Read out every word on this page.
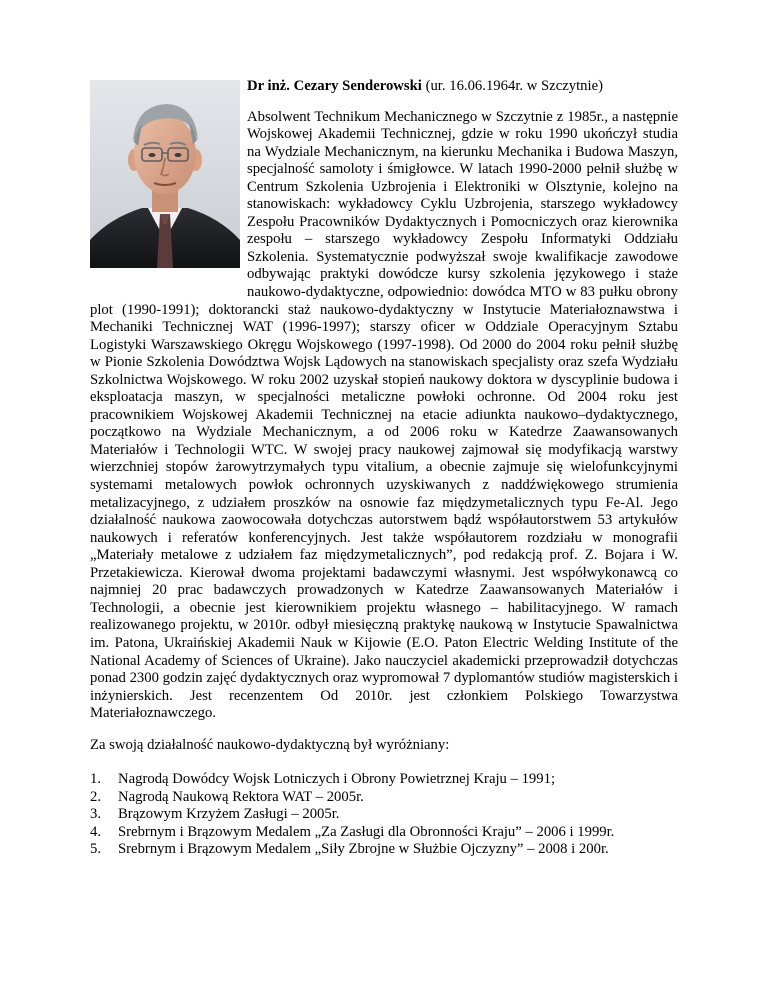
Dr inż. Cezary Senderowski (ur. 16.06.1964r. w Szczytnie)

Absolwent Technikum Mechanicznego w Szczytnie z 1985r., a następnie Wojskowej Akademii Technicznej, gdzie w roku 1990 ukończył studia na Wydziale Mechanicznym, na kierunku Mechanika i Budowa Maszyn, specjalność samoloty i śmigłowce. W latach 1990-2000 pełnił służbę w Centrum Szkolenia Uzbrojenia i Elektroniki w Olsztynie, kolejno na stanowiskach: wykładowcy Cyklu Uzbrojenia, starszego wykładowcy Zespołu Pracowników Dydaktycznych i Pomocniczych oraz kierownika zespołu – starszego wykładowcy Zespołu Informatyki Oddziału Szkolenia. Systematycznie podwyższał swoje kwalifikacje zawodowe odbywając praktyki dowódcze kursy szkolenia językowego i staże naukowo-dydaktyczne, odpowiednio: dowódca MTO w 83 pułku obrony plot (1990-1991); doktorancki staż naukowo-dydaktyczny w Instytucie Materiałoznawstwa i Mechaniki Technicznej WAT (1996-1997); starszy oficer w Oddziale Operacyjnym Sztabu Logistyki Warszawskiego Okręgu Wojskowego (1997-1998). Od 2000 do 2004 roku pełnił służbę w Pionie Szkolenia Dowództwa Wojsk Lądowych na stanowiskach specjalisty oraz szefa Wydziału Szkolnictwa Wojskowego. W roku 2002 uzyskał stopień naukowy doktora w dyscyplinie budowa i eksploatacja maszyn, w specjalności metaliczne powłoki ochronne. Od 2004 roku jest pracownikiem Wojskowej Akademii Technicznej na etacie adiunkta naukowo–dydaktycznego, początkowo na Wydziale Mechanicznym, a od 2006 roku w Katedrze Zaawansowanych Materiałów i Technologii WTC. W swojej pracy naukowej zajmował się modyfikacją warstwy wierzchniej stopów żarowytrzymałych typu vitalium, a obecnie zajmuje się wielofunkcyjnymi systemami metalowych powłok ochronnych uzyskiwanych z naddźwiękowego strumienia metalizacyjnego, z udziałem proszków na osnowie faz międzymetalicznych typu Fe-Al. Jego działalność naukowa zaowocowała dotychczas autorstwem bądź współautorstwem 53 artykułów naukowych i referatów konferencyjnych. Jest także współautorem rozdziału w monografii „Materiały metalowe z udziałem faz międzymetalicznych”, pod redakcją prof. Z. Bojara i W. Przetakiewicza. Kierował dwoma projektami badawczymi własnymi. Jest współwykonawcą co najmniej 20 prac badawczych prowadzonych w Katedrze Zaawansowanych Materiałów i Technologii, a obecnie jest kierownikiem projektu własnego – habilitacyjnego. W ramach realizowanego projektu, w 2010r. odbył miesięczną praktykę naukową w Instytucie Spawalnictwa im. Patona, Ukraińskiej Akademii Nauk w Kijowie (E.O. Paton Electric Welding Institute of the National Academy of Sciences of Ukraine). Jako nauczyciel akademicki przeprowadził dotychczas ponad 2300 godzin zajęć dydaktycznych oraz wypromował 7 dyplomantów studiów magisterskich i inżynierskich. Jest recenzentem Od 2010r. jest członkiem Polskiego Towarzystwa Materiałoznawczego.

Za swoją działalność naukowo-dydaktyczną był wyróżniany:

1. Nagrodą Dowódcy Wojsk Lotniczych i Obrony Powietrznej Kraju – 1991;
2. Nagrodą Naukową Rektora WAT – 2005r.
3. Brązowym Krzyżem Zasługi – 2005r.
4. Srebrnym i Brązowym Medalem „Za Zasługi dla Obronności Kraju” – 2006 i 1999r.
5. Srebrnym i Brązowym Medalem „Siły Zbrojne w Służbie Ojczyzny” – 2008 i 200r.
